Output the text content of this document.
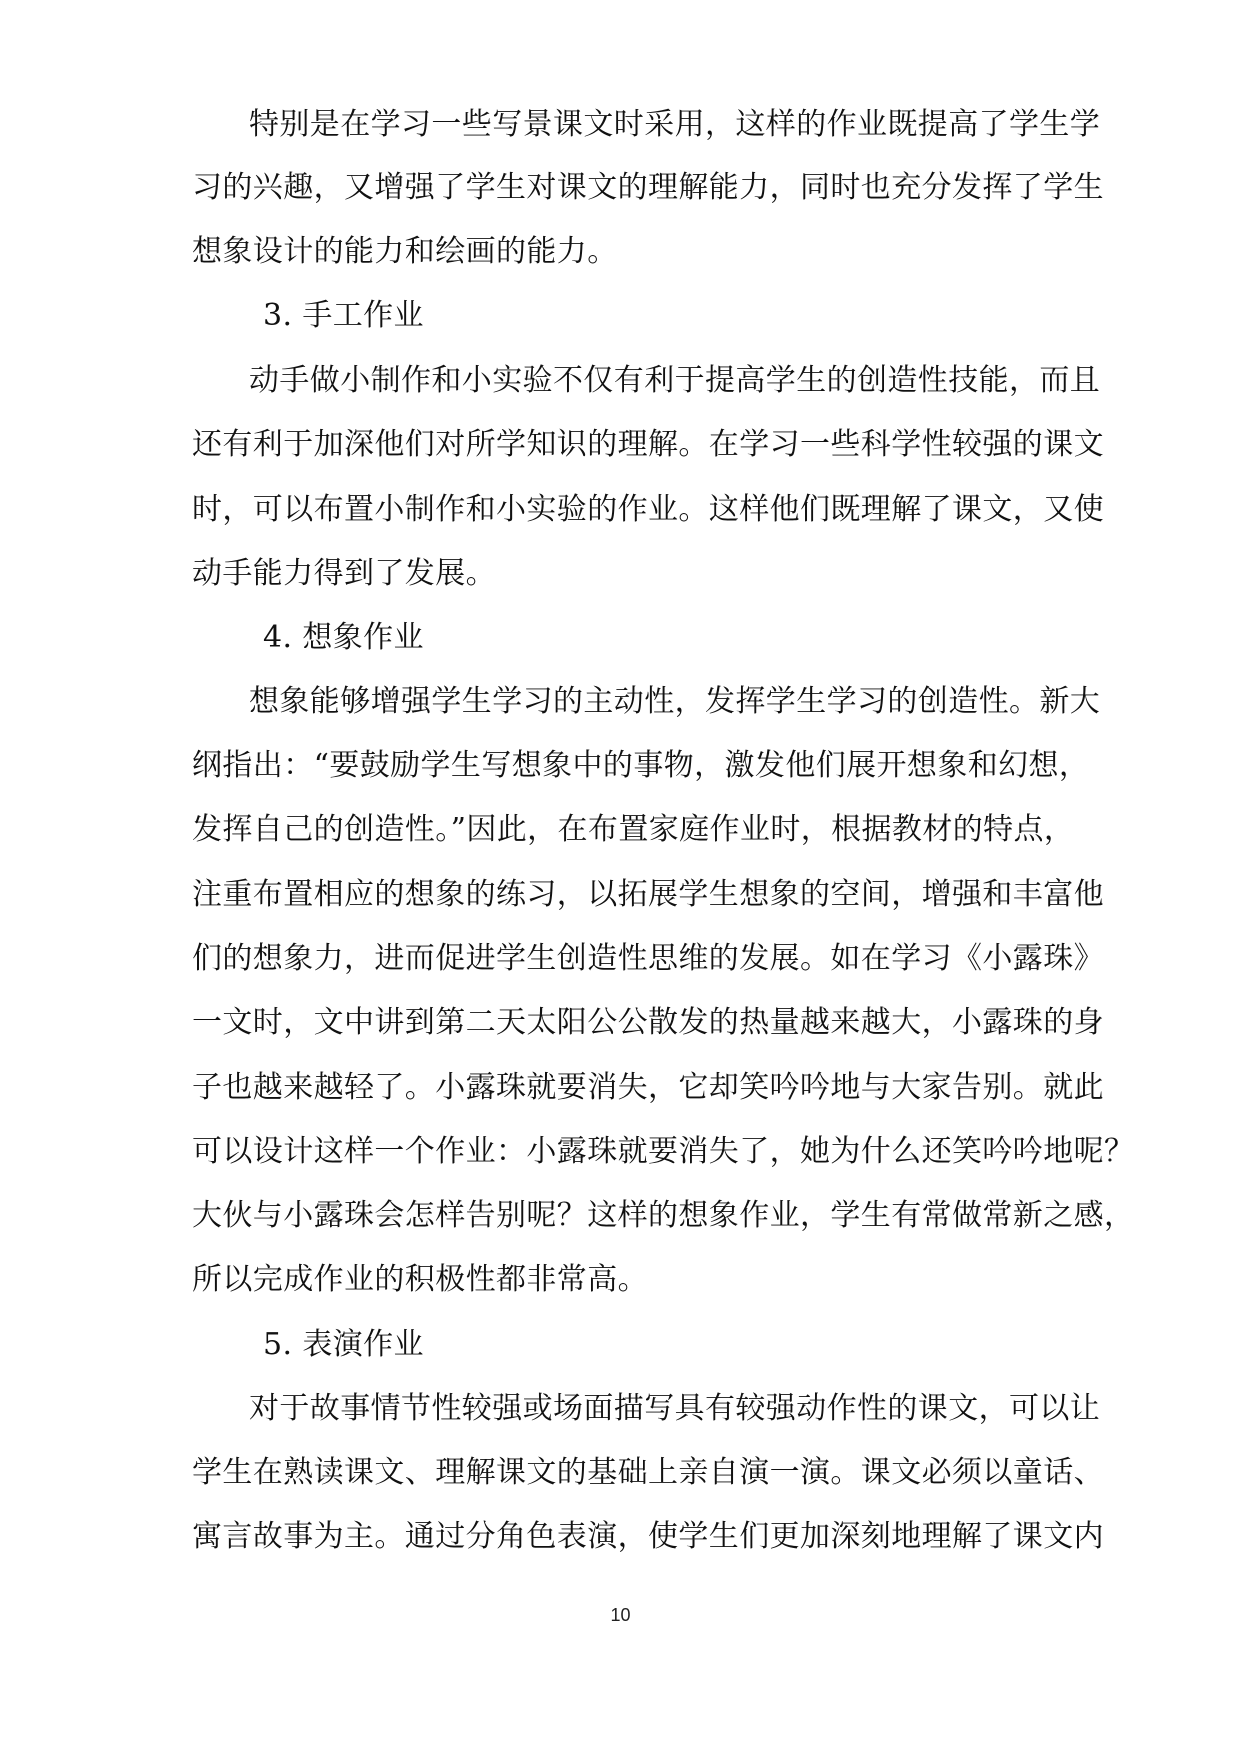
特别是在学习一些写景课文时采用，这样的作业既提高了学生学
习的兴趣，又增强了学生对课文的理解能力，同时也充分发挥了学生
想象设计的能力和绘画的能力。
3. 手工作业
动手做小制作和小实验不仅有利于提高学生的创造性技能，而且
还有利于加深他们对所学知识的理解。在学习一些科学性较强的课文
时，可以布置小制作和小实验的作业。这样他们既理解了课文，又使
动手能力得到了发展。
4. 想象作业
想象能够增强学生学习的主动性，发挥学生学习的创造性。新大
纲指出：“要鼓励学生写想象中的事物，激发他们展开想象和幻想，
发挥自己的创造性。”因此，在布置家庭作业时，根据教材的特点，
注重布置相应的想象的练习，以拓展学生想象的空间，增强和丰富他
们的想象力，进而促进学生创造性思维的发展。如在学习《小露珠》
一文时，文中讲到第二天太阳公公散发的热量越来越大，小露珠的身
子也越来越轻了。小露珠就要消失，它却笑吟吟地与大家告别。就此
可以设计这样一个作业：小露珠就要消失了，她为什么还笑吟吟地呢？
大伙与小露珠会怎样告别呢？这样的想象作业，学生有常做常新之感，
所以完成作业的积极性都非常高。
5. 表演作业
对于故事情节性较强或场面描写具有较强动作性的课文，可以让
学生在熟读课文、理解课文的基础上亲自演一演。课文必须以童话、
寓言故事为主。通过分角色表演，使学生们更加深刻地理解了课文内
10
